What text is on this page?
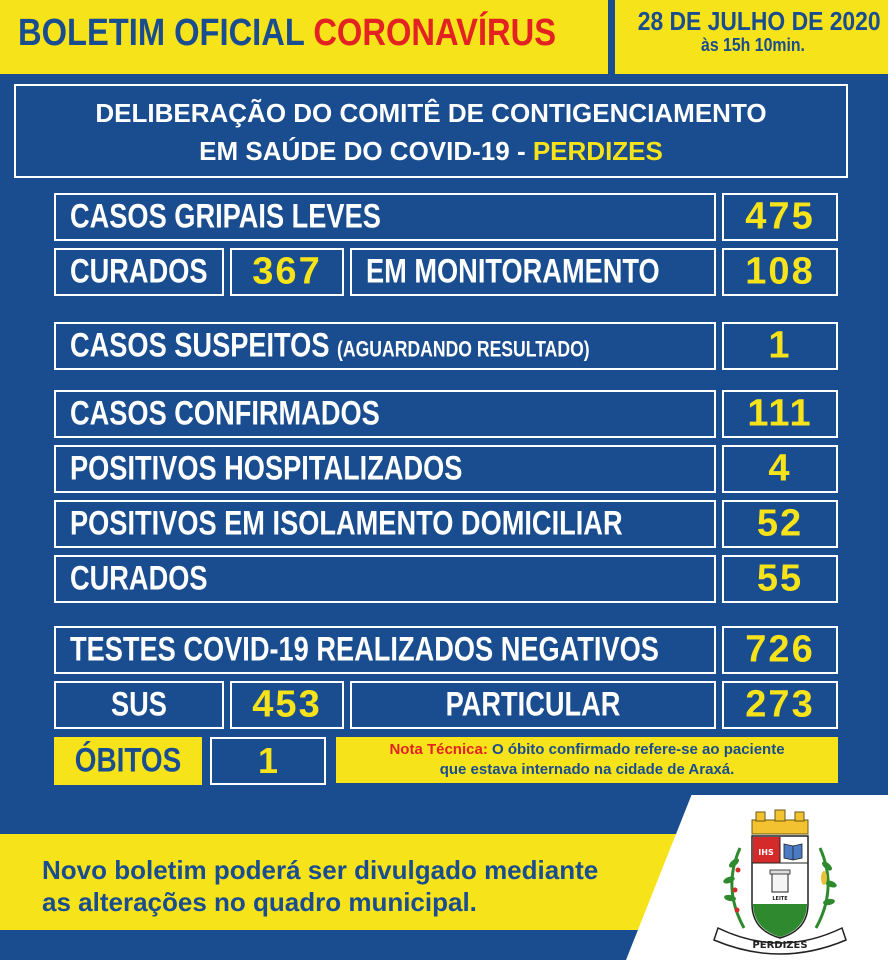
BOLETIM OFICIAL CORONAVÍRUS	28 DE JULHO DE 2020
às 15h 10min.
DELIBERAÇÃO DO COMITÊ DE CONTIGENCIAMENTO
EM SAÚDE DO COVID-19 - PERDIZES
CASOS GRIPAIS LEVES	475
CURADOS	367	EM MONITORAMENTO	108
CASOS SUSPEITOS (AGUARDANDO RESULTADO)	1
CASOS CONFIRMADOS	111
POSITIVOS HOSPITALIZADOS	4
POSITIVOS EM ISOLAMENTO DOMICILIAR	52
CURADOS	55
TESTES COVID-19 REALIZADOS NEGATIVOS	726
SUS	453	PARTICULAR	273
ÓBITOS	1	Nota Técnica: O óbito confirmado refere-se ao paciente
que estava internado na cidade de Araxá.
Novo boletim poderá ser divulgado mediante
as alterações no quadro municipal.
IHS
LEITE
PERDIZES
